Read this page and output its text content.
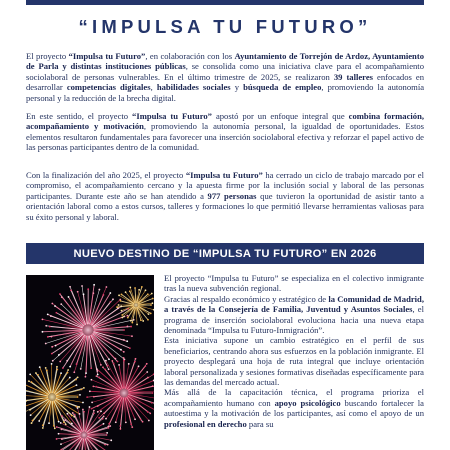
“IMPULSA TU FUTURO”

El proyecto “Impulsa tu Futuro”, en colaboración con los Ayuntamiento de Torrejón de Ardoz, Ayuntamiento de Parla y distintas instituciones públicas, se consolida como una iniciativa clave para el acompañamiento sociolaboral de personas vulnerables. En el último trimestre de 2025, se realizaron 39 talleres enfocados en desarrollar competencias digitales, habilidades sociales y búsqueda de empleo, promoviendo la autonomía personal y la reducción de la brecha digital.

En este sentido, el proyecto “Impulsa tu Futuro” apostó por un enfoque integral que combina formación, acompañamiento y motivación, promoviendo la autonomía personal, la igualdad de oportunidades. Estos elementos resultaron fundamentales para favorecer una inserción sociolaboral efectiva y reforzar el papel activo de las personas participantes dentro de la comunidad.

Con la finalización del año 2025, el proyecto “Impulsa tu Futuro” ha cerrado un ciclo de trabajo marcado por el compromiso, el acompañamiento cercano y la apuesta firme por la inclusión social y laboral de las personas participantes. Durante este año se han atendido a 977 personas que tuvieron la oportunidad de asistir tanto a orientación laboral como a estos cursos, talleres y formaciones lo que permitió llevarse herramientas valiosas para su éxito personal y laboral.

NUEVO DESTINO DE “IMPULSA TU FUTURO” EN 2026

El proyecto “Impulsa tu Futuro” se especializa en el colectivo inmigrante tras la nueva subvención regional.

Gracias al respaldo económico y estratégico de la Comunidad de Madrid, a través de la Consejería de Familia, Juventud y Asuntos Sociales, el programa de inserción sociolaboral evoluciona hacia una nueva etapa denominada “Impulsa tu Futuro-Inmigración”.

Esta iniciativa supone un cambio estratégico en el perfil de sus beneficiarios, centrando ahora sus esfuerzos en la población inmigrante. El proyecto desplegará una hoja de ruta integral que incluye orientación laboral personalizada y sesiones formativas diseñadas específicamente para las demandas del mercado actual.

Más allá de la capacitación técnica, el programa prioriza el acompañamiento humano con apoyo psicológico buscando fortalecer la autoestima y la motivación de los participantes, así como el apoyo de un profesional en derecho para su
